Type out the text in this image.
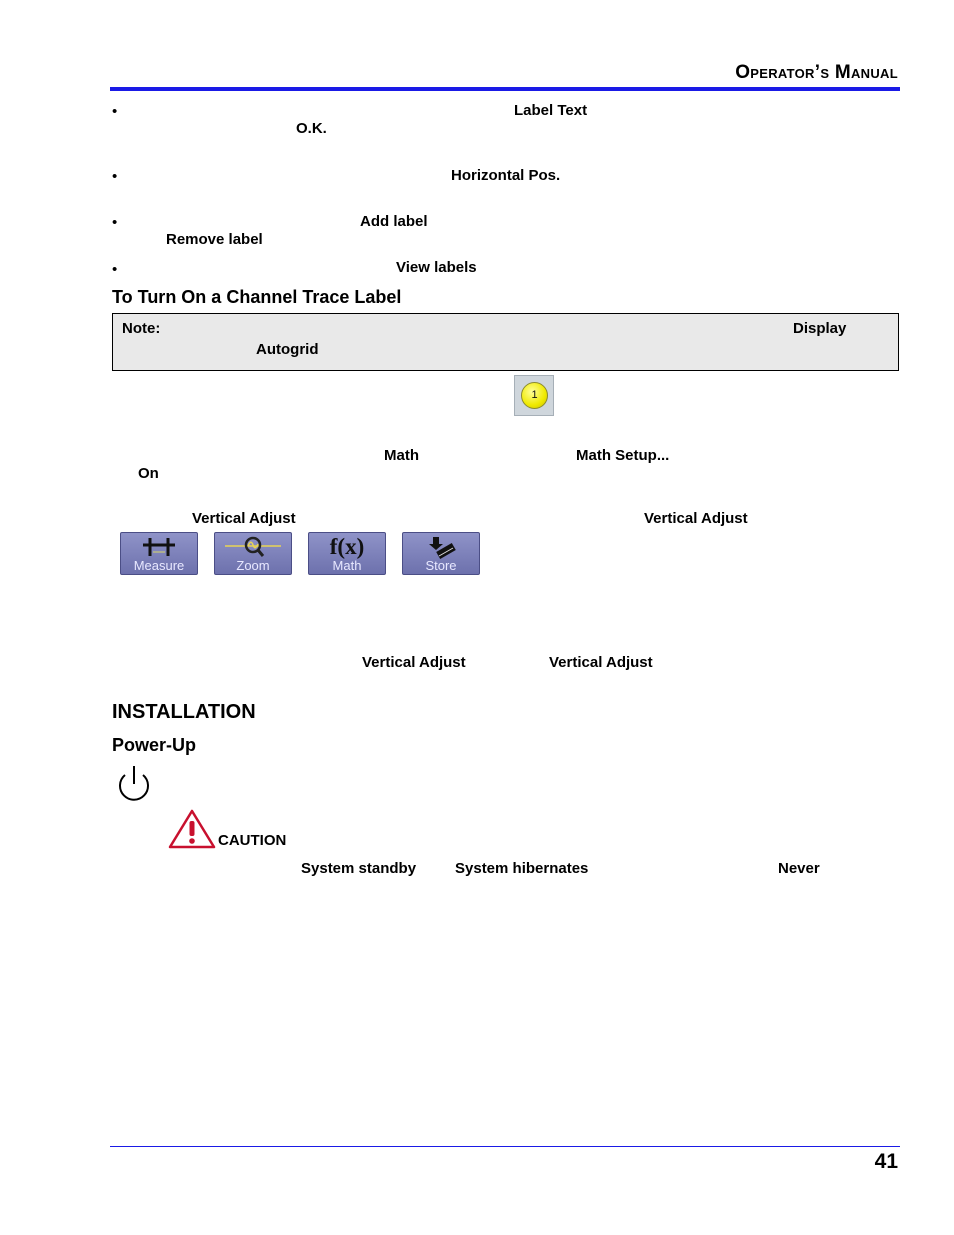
Operator’s Manual
•	Label Text
O.K.
•	Horizontal Pos.
•	Add label
Remove label
•	View labels
To Turn On a Channel Trace Label
Note:	Display
Autogrid
1
Math	Math Setup...
On
Vertical Adjust	Vertical Adjust
Measure	Zoom
f(x)
Math	Store
Vertical Adjust	Vertical Adjust
INSTALLATION
Power-Up
CAUTION
System standby	System hibernates	Never
41
